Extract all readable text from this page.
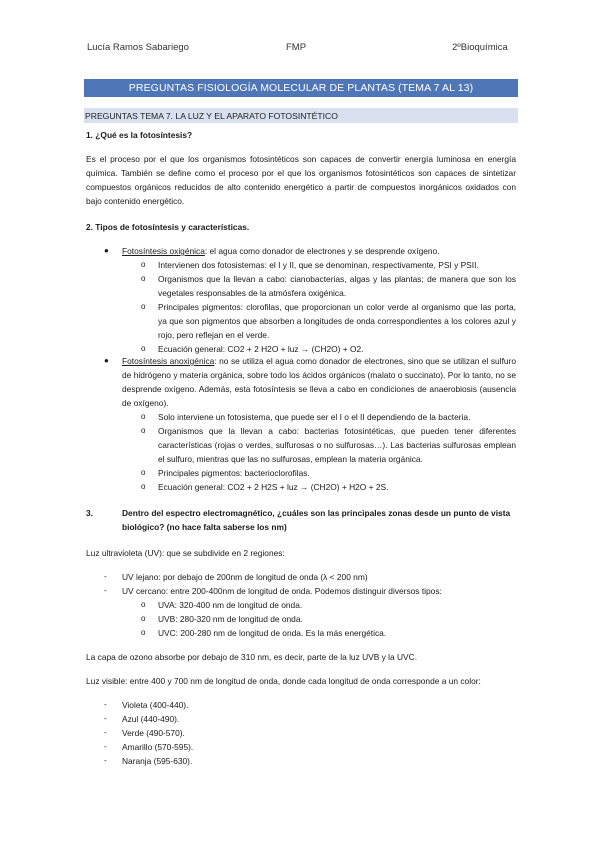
Lucía Ramos Sabariego	FMP	2ºBioquímica
PREGUNTAS FISIOLOGÍA MOLECULAR DE PLANTAS (TEMA 7 AL 13)
PREGUNTAS TEMA 7. LA LUZ Y EL APARATO FOTOSINTÉTICO
1. ¿Qué es la fotosíntesis?
Es el proceso por el que los organismos fotosintéticos son capaces de convertir energía luminosa en energía química. También se define como el proceso por el que los organismos fotosintéticos son capaces de sintetizar compuestos orgánicos reducidos de alto contenido energético a partir de compuestos inorgánicos oxidados con bajo contenido energético.
2. Tipos de fotosíntesis y características.
● Fotosíntesis oxigénica: el agua como donador de electrones y se desprende oxígeno.
o Intervienen dos fotosistemas: el I y II, que se denominan, respectivamente, PSI y PSII.
o Organismos que la llevan a cabo: cianobacterias, algas y las plantas; de manera que son los vegetales responsables de la atmósfera oxigénica.
o Principales pigmentos: clorofilas, que proporcionan un color verde al organismo que las porta, ya que son pigmentos que absorben a longitudes de onda correspondientes a los colores azul y rojo, pero reflejan en el verde.
o Ecuación general: CO2 + 2 H2O + luz → (CH2O) + O2.
● Fotosíntesis anoxigénica: no se utiliza el agua como donador de electrones, sino que se utilizan el sulfuro de hidrógeno y materia orgánica, sobre todo los ácidos orgánicos (malato o succinato). Por lo tanto, no se desprende oxígeno. Además, esta fotosíntesis se lleva a cabo en condiciones de anaerobiosis (ausencia de oxígeno).
o Solo interviene un fotosistema, que puede ser el I o el II dependiendo de la bacteria.
o Organismos que la llevan a cabo: bacterias fotosintéticas, que pueden tener diferentes características (rojas o verdes, sulfurosas o no sulfurosas…). Las bacterias sulfurosas emplean el sulfuro, mientras que las no sulfurosas, emplean la materia orgánica.
o Principales pigmentos: bacterioclorofilas.
o Ecuación general: CO2 + 2 H2S + luz → (CH2O) + H2O + 2S.
3.	Dentro del espectro electromagnético, ¿cuáles son las principales zonas desde un punto de vista biológico? (no hace falta saberse los nm)
Luz ultravioleta (UV): que se subdivide en 2 regiones:
- UV lejano: por debajo de 200nm de longitud de onda (λ < 200 nm)
- UV cercano: entre 200-400nm de longitud de onda. Podemos distinguir diversos tipos:
o UVA: 320-400 nm de longitud de onda.
o UVB: 280-320 nm de longitud de onda.
o UVC: 200-280 nm de longitud de onda. Es la más energética.
La capa de ozono absorbe por debajo de 310 nm, es decir, parte de la luz UVB y la UVC.
Luz visible: entre 400 y 700 nm de longitud de onda, donde cada longitud de onda corresponde a un color:
- Violeta (400-440).
- Azul (440-490).
- Verde (490-570).
- Amarillo (570-595).
- Naranja (595-630).
